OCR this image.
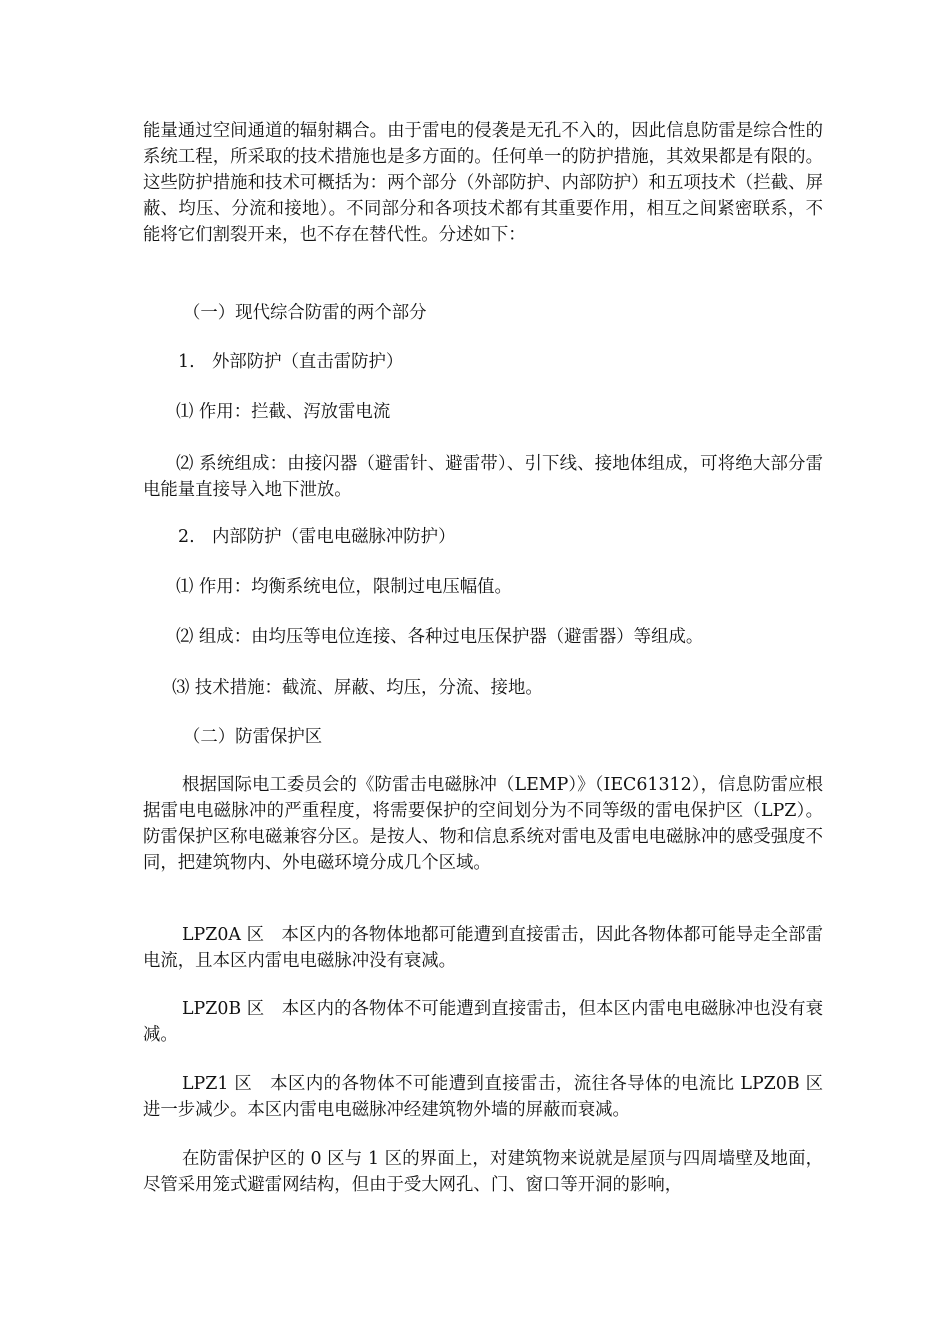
能量通过空间通道的辐射耦合。由于雷电的侵袭是无孔不入的，因此信息防雷是综合性的系统工程，所采取的技术措施也是多方面的。任何单一的防护措施，其效果都是有限的。这些防护措施和技术可概括为：两个部分（外部防护、内部防护）和五项技术（拦截、屏蔽、均压、分流和接地）。不同部分和各项技术都有其重要作用，相互之间紧密联系，不能将它们割裂开来，也不存在替代性。分述如下：

（一）现代综合防雷的两个部分

1.　外部防护（直击雷防护）

⑴ 作用：拦截、泻放雷电流

⑵ 系统组成：由接闪器（避雷针、避雷带）、引下线、接地体组成，可将绝大部分雷电能量直接导入地下泄放。

2.　内部防护（雷电电磁脉冲防护）

⑴ 作用：均衡系统电位，限制过电压幅值。

⑵ 组成：由均压等电位连接、各种过电压保护器（避雷器）等组成。

⑶ 技术措施：截流、屏蔽、均压，分流、接地。

（二）防雷保护区

根据国际电工委员会的《防雷击电磁脉冲（LEMP）》（IEC61312），信息防雷应根据雷电电磁脉冲的严重程度，将需要保护的空间划分为不同等级的雷电保护区（LPZ）。防雷保护区称电磁兼容分区。是按人、物和信息系统对雷电及雷电电磁脉冲的感受强度不同，把建筑物内、外电磁环境分成几个区域。

LPZ0A 区　本区内的各物体地都可能遭到直接雷击，因此各物体都可能导走全部雷电流，且本区内雷电电磁脉冲没有衰减。

LPZ0B 区　本区内的各物体不可能遭到直接雷击，但本区内雷电电磁脉冲也没有衰减。

LPZ1 区　本区内的各物体不可能遭到直接雷击，流往各导体的电流比 LPZ0B 区进一步减少。本区内雷电电磁脉冲经建筑物外墙的屏蔽而衰减。

在防雷保护区的 0 区与 1 区的界面上，对建筑物来说就是屋顶与四周墙壁及地面，尽管采用笼式避雷网结构，但由于受大网孔、门、窗口等开洞的影响，
